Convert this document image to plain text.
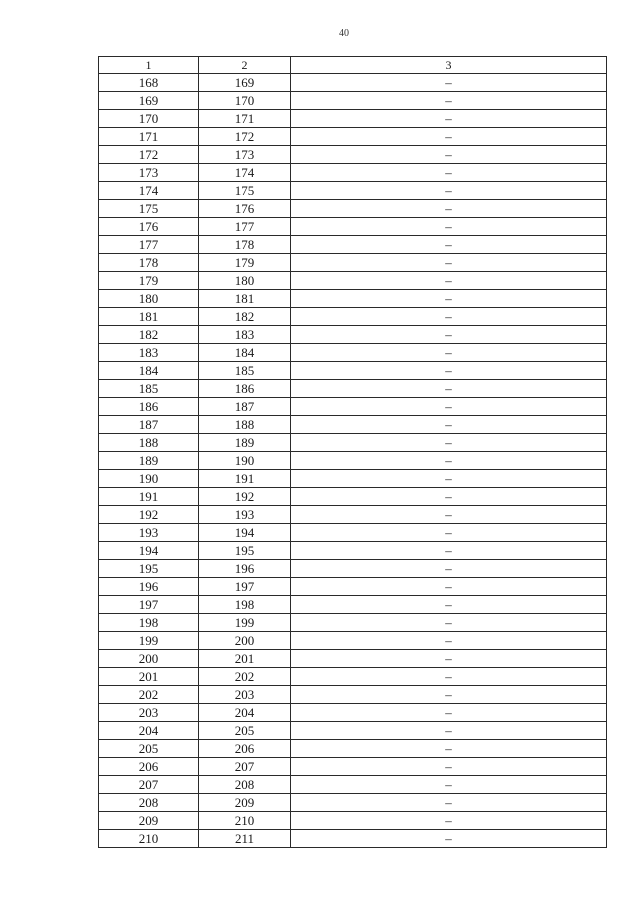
40
1	2	3
168	169	–
169	170	–
170	171	–
171	172	–
172	173	–
173	174	–
174	175	–
175	176	–
176	177	–
177	178	–
178	179	–
179	180	–
180	181	–
181	182	–
182	183	–
183	184	–
184	185	–
185	186	–
186	187	–
187	188	–
188	189	–
189	190	–
190	191	–
191	192	–
192	193	–
193	194	–
194	195	–
195	196	–
196	197	–
197	198	–
198	199	–
199	200	–
200	201	–
201	202	–
202	203	–
203	204	–
204	205	–
205	206	–
206	207	–
207	208	–
208	209	–
209	210	–
210	211	–
